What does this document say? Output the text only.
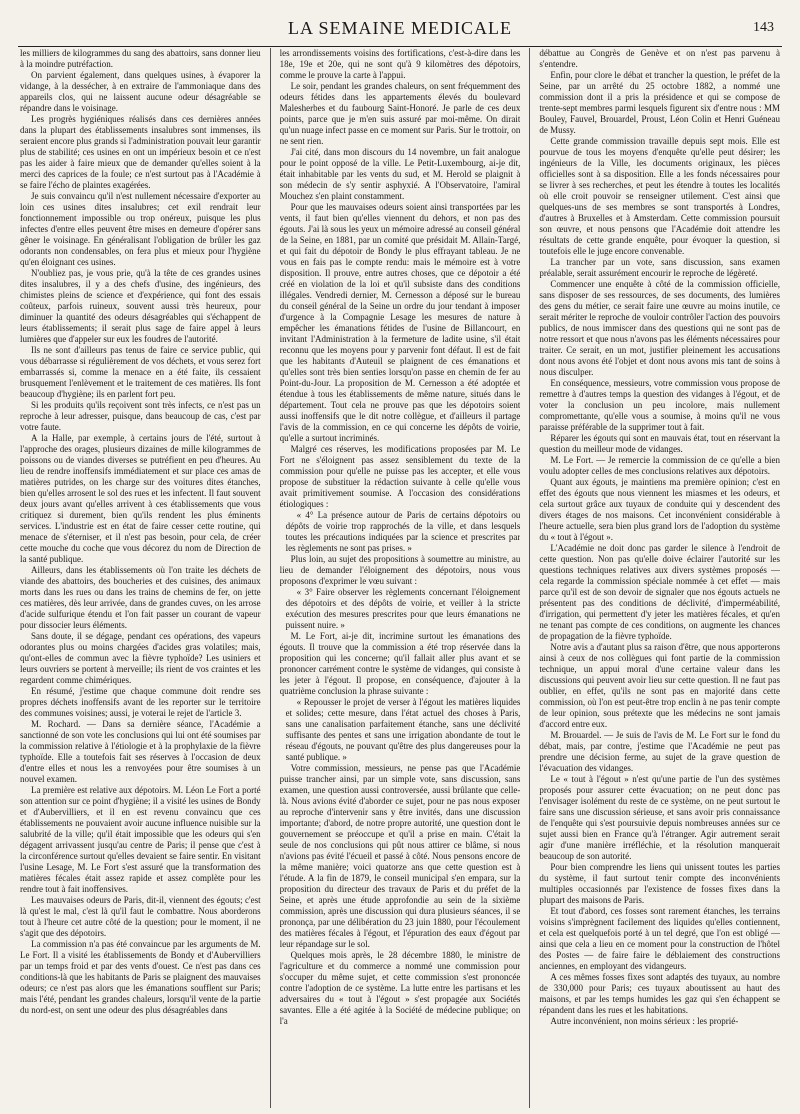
LA SEMAINE MEDICALE	143

les milliers de kilogrammes du sang des abattoirs, sans donner lieu à la moindre putréfaction.

On parvient également, dans quelques usines, à évaporer la vidange, à la dessécher, à en extraire de l'ammoniaque dans des appareils clos, qui ne laissent aucune odeur désagréable se répandre dans le voisinage.

Les progrès hygiéniques réalisés dans ces dernières années dans la plupart des établissements insalubres sont immenses, ils seraient encore plus grands si l'administration pouvait leur garantir plus de stabilité; ces usines en ont un impérieux besoin et ce n'est pas les aider à faire mieux que de demander qu'elles soient à la merci des caprices de la foule; ce n'est surtout pas à l'Académie à se faire l'écho de plaintes exagérées.

Je suis convaincu qu'il n'est nullement nécessaire d'exporter au loin ces usines dites insalubres; cet exil rendrait leur fonctionnement impossible ou trop onéreux, puisque les plus infectes d'entre elles peuvent être mises en demeure d'opérer sans gêner le voisinage. En généralisant l'obligation de brûler les gaz odorants non condensables, on fera plus et mieux pour l'hygiène qu'en éloignant ces usines.

N'oubliez pas, je vous prie, qu'à la tête de ces grandes usines dites insalubres, il y a des chefs d'usine, des ingénieurs, des chimistes pleins de science et d'expérience, qui font des essais coûteux, parfois ruineux, souvent aussi très heureux, pour diminuer la quantité des odeurs désagréables qui s'échappent de leurs établissements; il serait plus sage de faire appel à leurs lumières que d'appeler sur eux les foudres de l'autorité.

Ils ne sont d'ailleurs pas tenus de faire ce service public, qui vous débarrasse si régulièrement de vos déchets, et vous serez fort embarrassés si, comme la menace en a été faite, ils cessaient brusquement l'enlèvement et le traitement de ces matières. Ils font beaucoup d'hygiène; ils en parlent fort peu.

Si les produits qu'ils reçoivent sont très infects, ce n'est pas un reproche à leur adresser, puisque, dans beaucoup de cas, c'est par votre faute.

A la Halle, par exemple, à certains jours de l'été, surtout à l'approche des orages, plusieurs dizaines de mille kilogrammes de poissons ou de viandes diverses se putréfient en peu d'heures. Au lieu de rendre inoffensifs immédiatement et sur place ces amas de matières putrides, on les charge sur des voitures dites étanches, bien qu'elles arrosent le sol des rues et les infectent. Il faut souvent deux jours avant qu'elles arrivent à ces établissements que vous critiquez si durement, bien qu'ils rendent les plus éminents services. L'industrie est en état de faire cesser cette routine, qui menace de s'éterniser, et il n'est pas besoin, pour cela, de créer cette mouche du coche que vous décorez du nom de Direction de la santé publique.

Ailleurs, dans les établissements où l'on traite les déchets de viande des abattoirs, des boucheries et des cuisines, des animaux morts dans les rues ou dans les trains de chemins de fer, on jette ces matières, dès leur arrivée, dans de grandes cuves, on les arrose d'acide sulfurique étendu et l'on fait passer un courant de vapeur pour dissocier leurs éléments.

Sans doute, il se dégage, pendant ces opérations, des vapeurs odorantes plus ou moins chargées d'acides gras volatiles; mais, qu'ont-elles de commun avec la fièvre typhoïde? Les usiniers et leurs ouvriers se portent à merveille; ils rient de vos craintes et les regardent comme chimériques.

En résumé, j'estime que chaque commune doit rendre ses propres déchets inoffensifs avant de les reporter sur le territoire des communes voisines; aussi, je voterai le rejet de l'article 3.

M. Rochard. — Dans sa dernière séance, l'Académie a sanctionné de son vote les conclusions qui lui ont été soumises par la commission relative à l'étiologie et à la prophylaxie de la fièvre typhoïde. Elle a toutefois fait ses réserves à l'occasion de deux d'entre elles et nous les a renvoyées pour être soumises à un nouvel examen.

La première est relative aux dépotoirs. M. Léon Le Fort a porté son attention sur ce point d'hygiène; il a visité les usines de Bondy et d'Aubervilliers, et il en est revenu convaincu que ces établissements ne pouvaient avoir aucune influence nuisible sur la salubrité de la ville; qu'il était impossible que les odeurs qui s'en dégagent arrivassent jusqu'au centre de Paris; il pense que c'est à la circonférence surtout qu'elles devaient se faire sentir. En visitant l'usine Lesage, M. Le Fort s'est assuré que la transformation des matières fécales était assez rapide et assez complète pour les rendre tout à fait inoffensives.

Les mauvaises odeurs de Paris, dit-il, viennent des égouts; c'est là qu'est le mal, c'est là qu'il faut le combattre. Nous aborderons tout à l'heure cet autre côté de la question; pour le moment, il ne s'agit que des dépotoirs.

La commission n'a pas été convaincue par les arguments de M. Le Fort. Il a visité les établissements de Bondy et d'Aubervilliers par un temps froid et par des vents d'ouest. Ce n'est pas dans ces conditions-là que les habitants de Paris se plaignent des mauvaises odeurs; ce n'est pas alors que les émanations soufflent sur Paris; mais l'été, pendant les grandes chaleurs, lorsqu'il vente de la partie du nord-est, on sent une odeur des plus désagréables dans

les arrondissements voisins des fortifications, c'est-à-dire dans les 18e, 19e et 20e, qui ne sont qu'à 9 kilomètres des dépotoirs, comme le prouve la carte à l'appui.

Le soir, pendant les grandes chaleurs, on sent fréquemment des odeurs fétides dans les appartements élevés du boulevard Malesherbes et du faubourg Saint-Honoré. Je parle de ces deux points, parce que je m'en suis assuré par moi-même. On dirait qu'un nuage infect passe en ce moment sur Paris. Sur le trottoir, on ne sent rien.

J'ai cité, dans mon discours du 14 novembre, un fait analogue pour le point opposé de la ville. Le Petit-Luxembourg, ai-je dit, était inhabitable par les vents du sud, et M. Herold se plaignit à son médecin de s'y sentir asphyxié. A l'Observatoire, l'amiral Mouchez s'en plaint constamment.

Pour que les mauvaises odeurs soient ainsi transportées par les vents, il faut bien qu'elles viennent du dehors, et non pas des égouts. J'ai là sous les yeux un mémoire adressé au conseil général de la Seine, en 1881, par un comité que présidait M. Allain-Targé, et qui fait du dépotoir de Bondy le plus effrayant tableau. Je ne vous en fais pas le compte rendu: mais le mémoire est à votre disposition. Il prouve, entre autres choses, que ce dépotoir a été créé en violation de la loi et qu'il subsiste dans des conditions illégales. Vendredi dernier, M. Cernesson a déposé sur le bureau du conseil général de la Seine un ordre du jour tendant à imposer d'urgence à la Compagnie Lesage les mesures de nature à empêcher les émanations fétides de l'usine de Billancourt, en invitant l'Administration à la fermeture de ladite usine, s'il était reconnu que les moyens pour y parvenir font défaut. Il est de fait que les habitants d'Auteuil se plaignent de ces émanations et qu'elles sont très bien senties lorsqu'on passe en chemin de fer au Point-du-Jour. La proposition de M. Cernesson a été adoptée et étendue à tous les établissements de même nature, situés dans le département. Tout cela ne prouve pas que les dépotoirs soient aussi inoffensifs que le dit notre collègue, et d'ailleurs il partage l'avis de la commission, en ce qui concerne les dépôts de voirie, qu'elle a surtout incriminés.

Malgré ces réserves, les modifications proposées par M. Le Fort ne s'éloignent pas assez sensiblement du texte de la commission pour qu'elle ne puisse pas les accepter, et elle vous propose de substituer la rédaction suivante à celle qu'elle vous avait primitivement soumise. A l'occasion des considérations étiologiques :

« 4° La présence autour de Paris de certains dépotoirs ou dépôts de voirie trop rapprochés de la ville, et dans lesquels toutes les précautions indiquées par la science et prescrites par les règlements ne sont pas prises. »

Plus loin, au sujet des propositions à soumettre au ministre, au lieu de demander l'éloignement des dépotoirs, nous vous proposons d'exprimer le vœu suivant :

« 3° Faire observer les règlements concernant l'éloignement des dépotoirs et des dépôts de voirie, et veiller à la stricte exécution des mesures prescrites pour que leurs émanations ne puissent nuire. »

M. Le Fort, ai-je dit, incrimine surtout les émanations des égouts. Il trouve que la commission a été trop réservée dans la proposition qui les concerne; qu'il fallait aller plus avant et se prononcer carrément contre le système de vidanges, qui consiste à les jeter à l'égout. Il propose, en conséquence, d'ajouter à la quatrième conclusion la phrase suivante :

« Repousser le projet de verser à l'égout les matières liquides et solides; cette mesure, dans l'état actuel des choses à Paris, sans une canalisation parfaitement étanche, sans une déclivité suffisante des pentes et sans une irrigation abondante de tout le réseau d'égouts, ne pouvant qu'être des plus dangereuses pour la santé publique. »

Votre commission, messieurs, ne pense pas que l'Académie puisse trancher ainsi, par un simple vote, sans discussion, sans examen, une question aussi controversée, aussi brûlante que celle-là. Nous avions évité d'aborder ce sujet, pour ne pas nous exposer au reproche d'intervenir sans y être invités, dans une discussion importante; d'abord, de notre propre autorité, une question dont le gouvernement se préoccupe et qu'il a prise en main. C'était la seule de nos conclusions qui pût nous attirer ce blâme, si nous n'avions pas évité l'écueil et passé à côté. Nous pensons encore de la même manière; voici quatorze ans que cette question est à l'étude. A la fin de 1879, le conseil municipal s'en empara, sur la proposition du directeur des travaux de Paris et du préfet de la Seine, et après une étude approfondie au sein de la sixième commission, après une discussion qui dura plusieurs séances, il se prononça, par une délibération du 23 juin 1880, pour l'écoulement des matières fécales à l'égout, et l'épuration des eaux d'égout par leur répandage sur le sol.

Quelques mois après, le 28 décembre 1880, le ministre de l'agriculture et du commerce a nommé une commission pour s'occuper du même sujet, et cette commission s'est prononcée contre l'adoption de ce système. La lutte entre les partisans et les adversaires du « tout à l'égout » s'est propagée aux Sociétés savantes. Elle a été agitée à la Société de médecine publique; on l'a

débattue au Congrès de Genève et on n'est pas parvenu à s'entendre.

Enfin, pour clore le débat et trancher la question, le préfet de la Seine, par un arrêté du 25 octobre 1882, a nommé une commission dont il a pris la présidence et qui se compose de trente-sept membres parmi lesquels figurent six d'entre nous : MM Bouley, Fauvel, Brouardel, Proust, Léon Colin et Henri Guéneau de Mussy.

Cette grande commission travaille depuis sept mois. Elle est pourvue de tous les moyens d'enquête qu'elle peut désirer; les ingénieurs de la Ville, les documents originaux, les pièces officielles sont à sa disposition. Elle a les fonds nécessaires pour se livrer à ses recherches, et peut les étendre à toutes les localités où elle croit pouvoir se renseigner utilement. C'est ainsi que quelques-uns de ses membres se sont transportés à Londres, d'autres à Bruxelles et à Amsterdam. Cette commission poursuit son œuvre, et nous pensons que l'Académie doit attendre les résultats de cette grande enquête, pour évoquer la question, si toutefois elle le juge encore convenable.

La trancher par un vote, sans discussion, sans examen préalable, serait assurément encourir le reproche de légèreté.

Commencer une enquête à côté de la commission officielle, sans disposer de ses ressources, de ses documents, des lumières des gens du métier, ce serait faire une œuvre au moins inutile, ce serait mériter le reproche de vouloir contrôler l'action des pouvoirs publics, de nous immiscer dans des questions qui ne sont pas de notre ressort et que nous n'avons pas les éléments nécessaires pour traiter. Ce serait, en un mot, justifier pleinement les accusations dont nous avons été l'objet et dont nous avons mis tant de soins à nous disculper.

En conséquence, messieurs, votre commission vous propose de remettre à d'autres temps la question des vidanges à l'égout, et de voter la conclusion un peu incolore, mais nullement compromettante, qu'elle vous a soumise, à moins qu'il ne vous paraisse préférable de la supprimer tout à fait.

Réparer les égouts qui sont en mauvais état, tout en réservant la question du meilleur mode de vidanges.

M. Le Fort. — Je remercie la commission de ce qu'elle a bien voulu adopter celles de mes conclusions relatives aux dépotoirs.

Quant aux égouts, je maintiens ma première opinion; c'est en effet des égouts que nous viennent les miasmes et les odeurs, et cela surtout grâce aux tuyaux de conduite qui y descendent des divers étages de nos maisons. Cet inconvénient considérable à l'heure actuelle, sera bien plus grand lors de l'adoption du système du « tout à l'égout ».

L'Académie ne doit donc pas garder le silence à l'endroit de cette question. Non pas qu'elle doive éclairer l'autorité sur les questions techniques relatives aux divers systèmes proposés — cela regarde la commission spéciale nommée à cet effet — mais parce qu'il est de son devoir de signaler que nos égouts actuels ne présentent pas des conditions de déclivité, d'imperméabilité, d'irrigation, qui permettent d'y jeter les matières fécales, et qu'en ne tenant pas compte de ces conditions, on augmente les chances de propagation de la fièvre typhoïde.

Notre avis a d'autant plus sa raison d'être, que nous apporterons ainsi à ceux de nos collègues qui font partie de la commission technique, un appui moral d'une certaine valeur dans les discussions qui peuvent avoir lieu sur cette question. Il ne faut pas oublier, en effet, qu'ils ne sont pas en majorité dans cette commission, où l'on est peut-être trop enclin à ne pas tenir compte de leur opinion, sous prétexte que les médecins ne sont jamais d'accord entre eux.

M. Brouardel. — Je suis de l'avis de M. Le Fort sur le fond du débat, mais, par contre, j'estime que l'Académie ne peut pas prendre une décision ferme, au sujet de la grave question de l'évacuation des vidanges.

Le « tout à l'égout » n'est qu'une partie de l'un des systèmes proposés pour assurer cette évacuation; on ne peut donc pas l'envisager isolément du reste de ce système, on ne peut surtout le faire sans une discussion sérieuse, et sans avoir pris connaissance de l'enquête qui s'est poursuivie depuis nombreuses années sur ce sujet aussi bien en France qu'à l'étranger. Agir autrement serait agir d'une manière irréfléchie, et la résolution manquerait beaucoup de son autorité.

Pour bien comprendre les liens qui unissent toutes les parties du système, il faut surtout tenir compte des inconvénients multiples occasionnés par l'existence de fosses fixes dans la plupart des maisons de Paris.

Et tout d'abord, ces fosses sont rarement étanches, les terrains voisins s'imprègnent facilement des liquides qu'elles contiennent, et cela est quelquefois porté à un tel degré, que l'on est obligé — ainsi que cela a lieu en ce moment pour la construction de l'hôtel des Postes — de faire faire le déblaiement des constructions anciennes, en employant des vidangeurs.

A ces mêmes fosses fixes sont adaptés des tuyaux, au nombre de 330,000 pour Paris; ces tuyaux aboutissent au haut des maisons, et par les temps humides les gaz qui s'en échappent se répandent dans les rues et les habitations.

Autre inconvénient, non moins sérieux : les proprié-
